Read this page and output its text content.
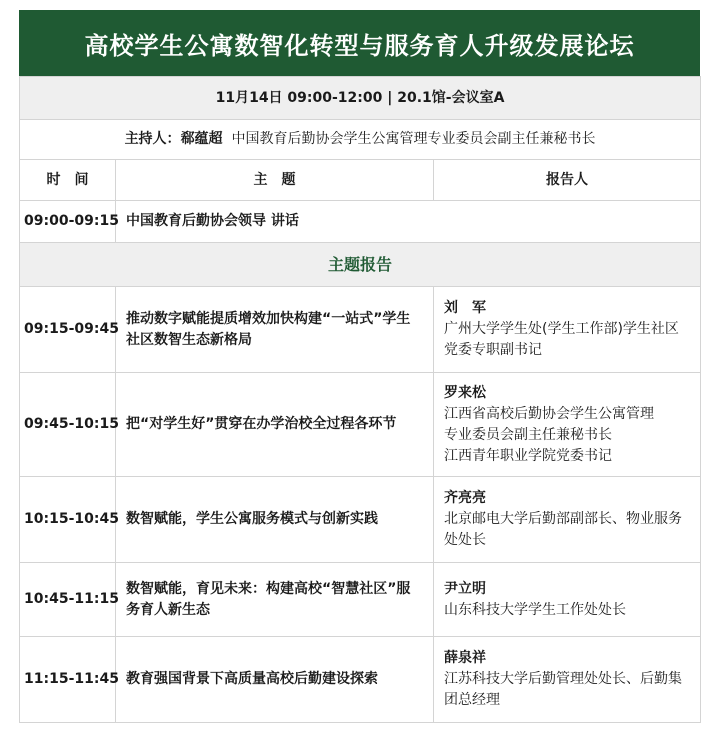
高校学生公寓数智化转型与服务育人升级发展论坛
11月14日 09:00-12:00 | 20.1馆-会议室A		
主持人：郗蕴超 中国教育后勤协会学生公寓管理专业委员会副主任兼秘书长		
时　间	主　题	报告人
09:00-09:15	中国教育后勤协会领导 讲话	
主题报告		
09:15-09:45	推动数字赋能提质增效加快构建“一站式”学生社区数智生态新格局	刘　军
广州大学学生处(学生工作部)学生社区党委专职副书记

09:45-10:15	把“对学生好”贯穿在办学治校全过程各环节	罗来松
江西省高校后勤协会学生公寓管理
专业委员会副主任兼秘书长
江西青年职业学院党委书记

10:15-10:45	数智赋能，学生公寓服务模式与创新实践	齐亮亮
北京邮电大学后勤部副部长、物业服务处处长

10:45-11:15	数智赋能，育见未来：构建高校“智慧社区”服务育人新生态	尹立明
山东科技大学学生工作处处长

11:15-11:45	教育强国背景下高质量高校后勤建设探索	薛泉祥
江苏科技大学后勤管理处处长、后勤集团总经理
